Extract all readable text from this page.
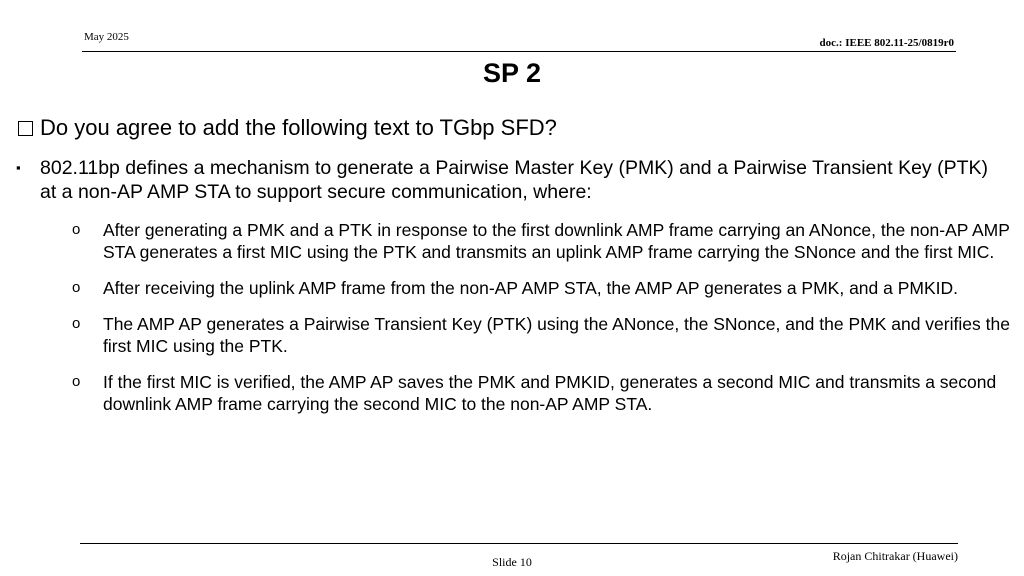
May 2025	doc.: IEEE 802.11-25/0819r0
SP 2
Do you agree to add the following text to TGbp SFD?
▪ 802.11bp defines a mechanism to generate a Pairwise Master Key (PMK) and a Pairwise Transient Key (PTK) at a non-AP AMP STA to support secure communication, where:
o After generating a PMK and a PTK in response to the first downlink AMP frame carrying an ANonce, the non-AP AMP STA generates a first MIC using the PTK and transmits an uplink AMP frame carrying the SNonce and the first MIC.
o After receiving the uplink AMP frame from the non-AP AMP STA, the AMP AP generates a PMK, and a PMKID.
o The AMP AP generates a Pairwise Transient Key (PTK) using the ANonce, the SNonce, and the PMK and verifies the first MIC using the PTK.
o If the first MIC is verified, the AMP AP saves the PMK and PMKID, generates a second MIC and transmits a second downlink AMP frame carrying the second MIC to the non-AP AMP STA.
Slide 10	Rojan Chitrakar (Huawei)
